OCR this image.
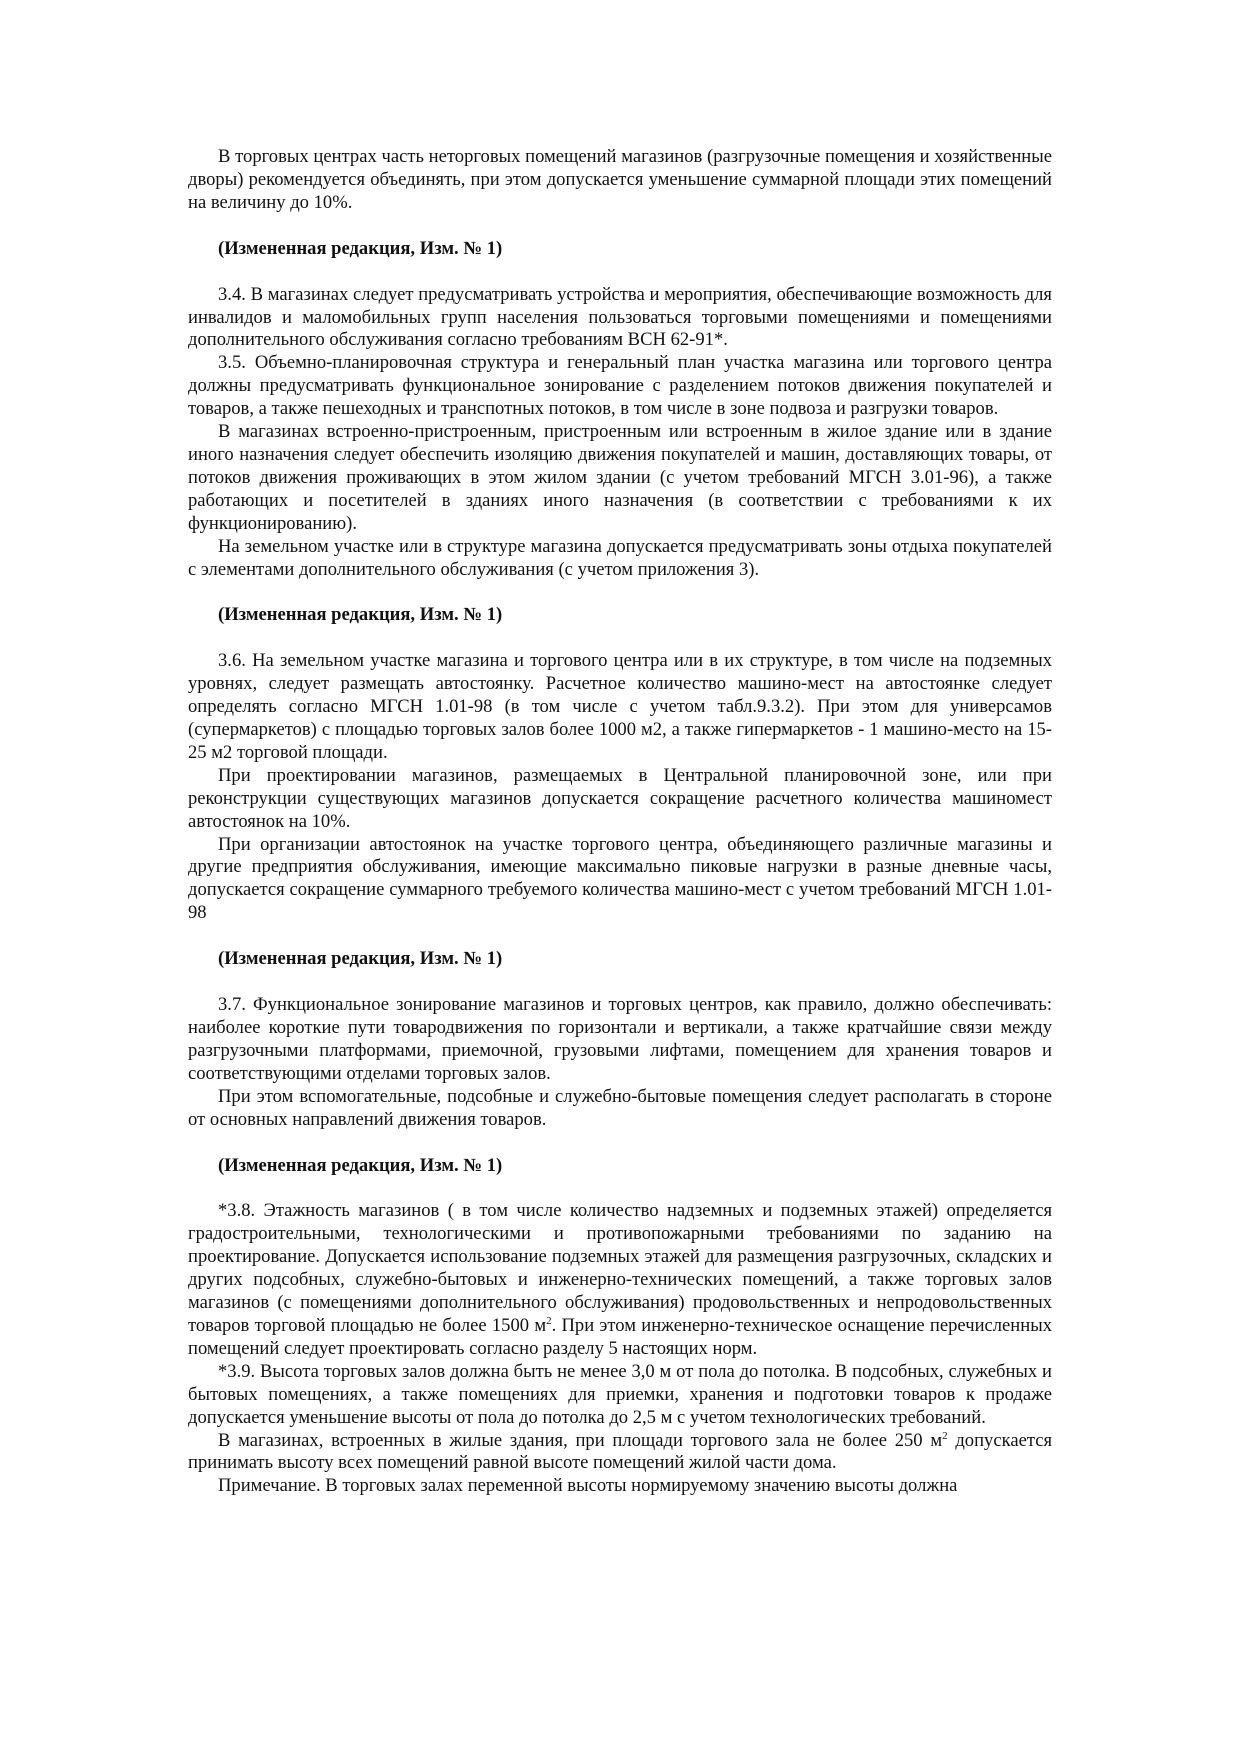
В торговых центрах часть неторговых помещений магазинов (разгрузочные помещения и хозяйственные дворы) рекомендуется объединять, при этом допускается уменьшение суммарной площади этих помещений на величину до 10%.

(Измененная редакция, Изм. № 1)

3.4. В магазинах следует предусматривать устройства и мероприятия, обеспечивающие возможность для инвалидов и маломобильных групп населения пользоваться торговыми помещениями и помещениями дополнительного обслуживания согласно требованиям ВСН 62-91*.

3.5. Объемно-планировочная структура и генеральный план участка магазина или торгового центра должны предусматривать функциональное зонирование с разделением потоков движения покупателей и товаров, а также пешеходных и транспотных потоков, в том числе в зоне подвоза и разгрузки товаров.

В магазинах встроенно-пристроенным, пристроенным или встроенным в жилое здание или в здание иного назначения следует обеспечить изоляцию движения покупателей и машин, доставляющих товары, от потоков движения проживающих в этом жилом здании (с учетом требований МГСН 3.01-96), а также работающих и посетителей в зданиях иного назначения (в соответствии с требованиями к их функционированию).

На земельном участке или в структуре магазина допускается предусматривать зоны отдыха покупателей с элементами дополнительного обслуживания (с учетом приложения 3).

(Измененная редакция, Изм. № 1)

3.6. На земельном участке магазина и торгового центра или в их структуре, в том числе на подземных уровнях, следует размещать автостоянку. Расчетное количество машино-мест на автостоянке следует определять согласно МГСН 1.01-98 (в том числе с учетом табл.9.3.2). При этом для универсамов (супермаркетов) с площадью торговых залов более 1000 м2, а также гипермаркетов - 1 машино-место на 15-25 м2 торговой площади.

При проектировании магазинов, размещаемых в Центральной планировочной зоне, или при реконструкции существующих магазинов допускается сокращение расчетного количества машиномест автостоянок на 10%.

При организации автостоянок на участке торгового центра, объединяющего различные магазины и другие предприятия обслуживания, имеющие максимально пиковые нагрузки в разные дневные часы, допускается сокращение суммарного требуемого количества машино-мест с учетом требований МГСН 1.01-98

(Измененная редакция, Изм. № 1)

3.7. Функциональное зонирование магазинов и торговых центров, как правило, должно обеспечивать: наиболее короткие пути товародвижения по горизонтали и вертикали, а также кратчайшие связи между разгрузочными платформами, приемочной, грузовыми лифтами, помещением для хранения товаров и соответствующими отделами торговых залов.

При этом вспомогательные, подсобные и служебно-бытовые помещения следует располагать в стороне от основных направлений движения товаров.

(Измененная редакция, Изм. № 1)

*3.8. Этажность магазинов ( в том числе количество надземных и подземных этажей) определяется градостроительными, технологическими и противопожарными требованиями по заданию на проектирование. Допускается использование подземных этажей для размещения разгрузочных, складских и других подсобных, служебно-бытовых и инженерно-технических помещений, а также торговых залов магазинов (с помещениями дополнительного обслуживания) продовольственных и непродовольственных товаров торговой площадью не более 1500 $м^2$. При этом инженерно-техническое оснащение перечисленных помещений следует проектировать согласно разделу 5 настоящих норм.

*3.9. Высота торговых залов должна быть не менее 3,0 м от пола до потолка. В подсобных, служебных и бытовых помещениях, а также помещениях для приемки, хранения и подготовки товаров к продаже допускается уменьшение высоты от пола до потолка до 2,5 м с учетом технологических требований.

В магазинах, встроенных в жилые здания, при площади торгового зала не более 250 $м^2$ допускается принимать высоту всех помещений равной высоте помещений жилой части дома.

Примечание. В торговых залах переменной высоты нормируемому значению высоты должна
